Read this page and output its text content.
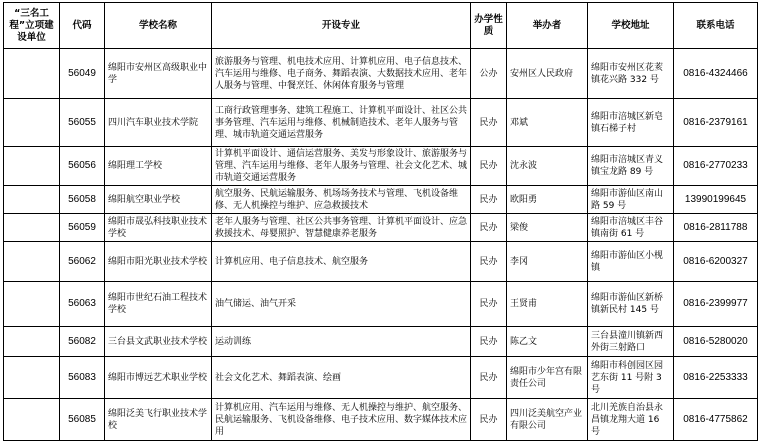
“三名工程”立项建设单位	代码	学校名称	开设专业	办学性质	举办者	学校地址	联系电话
	56049	绵阳市安州区高级职业中学	旅游服务与管理、机电技术应用、计算机应用、电子信息技术、汽车运用与维修、电子商务、舞蹈表演、大数据技术应用、老年人服务与管理、中餐烹饪、休闲体育服务与管理	公办	安州区人民政府	绵阳市安州区花荄镇花兴路 332 号	0816-4324466
	56055	四川汽车职业技术学院	工商行政管理事务、建筑工程施工、计算机平面设计、社区公共事务管理、汽车运用与维修、机械制造技术、老年人服务与管理、城市轨道交通运营服务	民办	邓斌	绵阳市涪城区新皂镇石梯子村	0816-2379161
	56056	绵阳理工学校	计算机平面设计、通信运营服务、美发与形象设计、旅游服务与管理、汽车运用与维修、老年人服务与管理、社会文化艺术、城市轨道交通运营服务	民办	沈永波	绵阳市涪城区青义镇宝龙路 89 号	0816-2770233
	56058	绵阳航空职业学校	航空服务、民航运输服务、机场场务技术与管理、飞机设备维修、无人机操控与维护、应急救援技术	民办	欧阳勇	绵阳市游仙区南山路 59 号	13990199645
	56059	绵阳市晟弘科技职业技术学校	老年人服务与管理、社区公共事务管理、计算机平面设计、应急救援技术、母婴照护、智慧健康养老服务	民办	梁俊	绵阳市涪城区丰谷镇南街 61 号	0816-2811788
	56062	绵阳市阳光职业技术学校	计算机应用、电子信息技术、航空服务	民办	李冈	绵阳市游仙区小枧镇	0816-6200327
	56063	绵阳市世纪石油工程技术学校	油气储运、油气开采	民办	王贤甫	绵阳市游仙区新桥镇新民村 145 号	0816-2399977
	56082	三台县文武职业技术学校	运动训练	民办	陈乙文	三台县潼川镇新西外街三射路口	0816-5280020
	56083	绵阳市博远艺术职业学校	社会文化艺术、舞蹈表演、绘画	民办	绵阳市少年宫有限责任公司	绵阳市科创园区园艺东街 11 号附 3 号	0816-2253333
	56085	绵阳泛美飞行职业技术学校	计算机应用、汽车运用与维修、无人机操控与维护、航空服务、民航运输服务、飞机设备维修、电子技术应用、数字媒体技术应用	民办	四川泛美航空产业有限公司	北川羌族自治县永昌镇龙翔大道 16 号	0816-4775862
